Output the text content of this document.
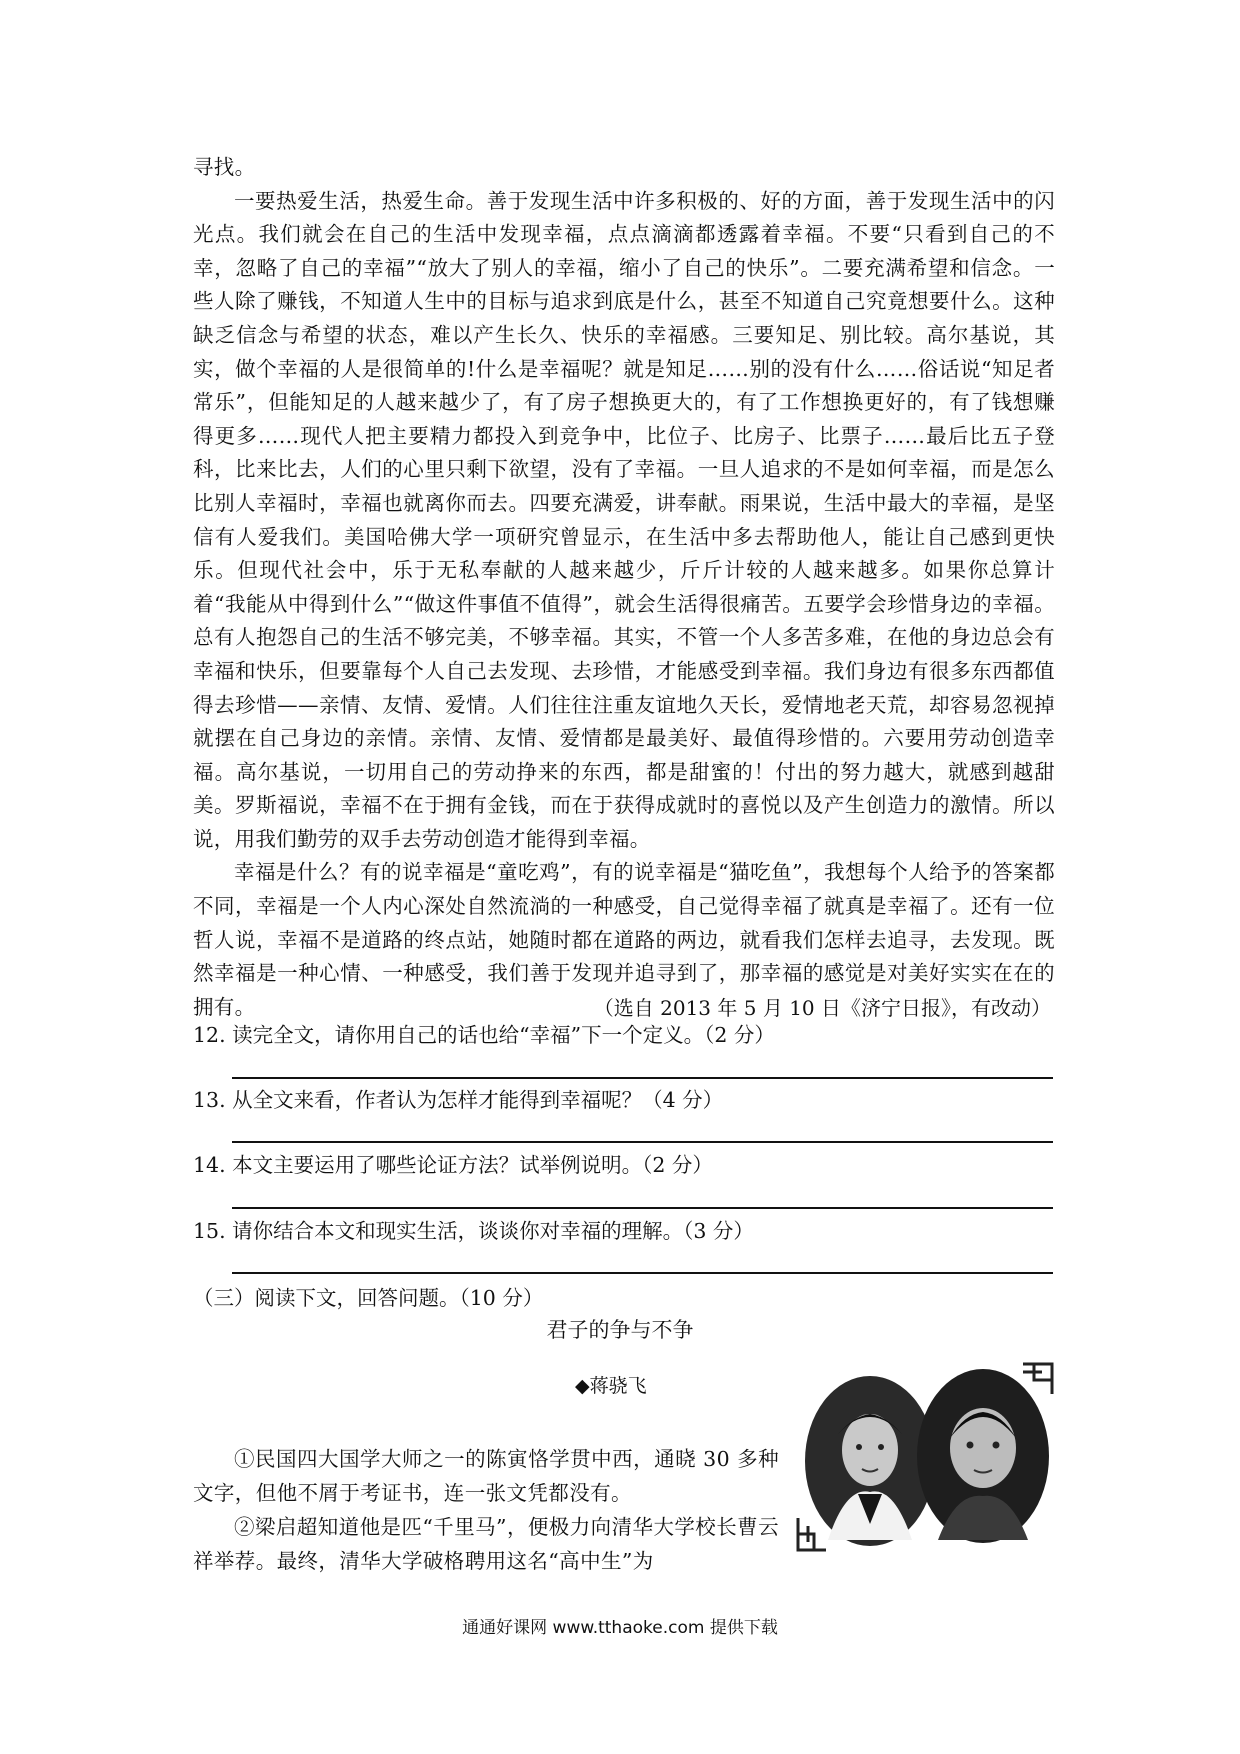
寻找。

一要热爱生活，热爱生命。善于发现生活中许多积极的、好的方面，善于发现生活中的闪光点。我们就会在自己的生活中发现幸福，点点滴滴都透露着幸福。不要“只看到自己的不幸，忽略了自己的幸福”“放大了别人的幸福，缩小了自己的快乐”。二要充满希望和信念。一些人除了赚钱，不知道人生中的目标与追求到底是什么，甚至不知道自己究竟想要什么。这种缺乏信念与希望的状态，难以产生长久、快乐的幸福感。三要知足、别比较。高尔基说，其实，做个幸福的人是很简单的!什么是幸福呢？就是知足……别的没有什么……俗话说“知足者常乐”，但能知足的人越来越少了，有了房子想换更大的，有了工作想换更好的，有了钱想赚得更多……现代人把主要精力都投入到竞争中，比位子、比房子、比票子……最后比五子登科，比来比去，人们的心里只剩下欲望，没有了幸福。一旦人追求的不是如何幸福，而是怎么比别人幸福时，幸福也就离你而去。四要充满爱，讲奉献。雨果说，生活中最大的幸福，是坚信有人爱我们。美国哈佛大学一项研究曾显示，在生活中多去帮助他人，能让自己感到更快乐。但现代社会中，乐于无私奉献的人越来越少，斤斤计较的人越来越多。如果你总算计着“我能从中得到什么”“做这件事值不值得”，就会生活得很痛苦。五要学会珍惜身边的幸福。总有人抱怨自己的生活不够完美，不够幸福。其实，不管一个人多苦多难，在他的身边总会有幸福和快乐，但要靠每个人自己去发现、去珍惜，才能感受到幸福。我们身边有很多东西都值得去珍惜——亲情、友情、爱情。人们往往注重友谊地久天长，爱情地老天荒，却容易忽视掉就摆在自己身边的亲情。亲情、友情、爱情都是最美好、最值得珍惜的。六要用劳动创造幸福。高尔基说，一切用自己的劳动挣来的东西，都是甜蜜的！付出的努力越大，就感到越甜美。罗斯福说，幸福不在于拥有金钱，而在于获得成就时的喜悦以及产生创造力的激情。所以说，用我们勤劳的双手去劳动创造才能得到幸福。

幸福是什么？有的说幸福是“童吃鸡”，有的说幸福是“猫吃鱼”，我想每个人给予的答案都不同，幸福是一个人内心深处自然流淌的一种感受，自己觉得幸福了就真是幸福了。还有一位哲人说，幸福不是道路的终点站，她随时都在道路的两边，就看我们怎样去追寻，去发现。既然幸福是一种心情、一种感受，我们善于发现并追寻到了，那幸福的感觉是对美好实实在在的拥有。	（选自 2013 年 5 月 10 日《济宁日报》，有改动）
12. 读完全文，请你用自己的话也给“幸福”下一个定义。（2 分）
13. 从全文来看，作者认为怎样才能得到幸福呢？（4 分）
14. 本文主要运用了哪些论证方法？试举例说明。（2 分）
15. 请你结合本文和现实生活，谈谈你对幸福的理解。（3 分）
（三）阅读下文，回答问题。（10 分）
君子的争与不争
◆蒋骁飞

①民国四大国学大师之一的陈寅恪学贯中西，通晓 30 多种文字，但他不屑于考证书，连一张文凭都没有。

②梁启超知道他是匹“千里马”，便极力向清华大学校长曹云祥举荐。最终，清华大学破格聘用这名“高中生”为

通通好课网 www.tthaoke.com 提供下载
